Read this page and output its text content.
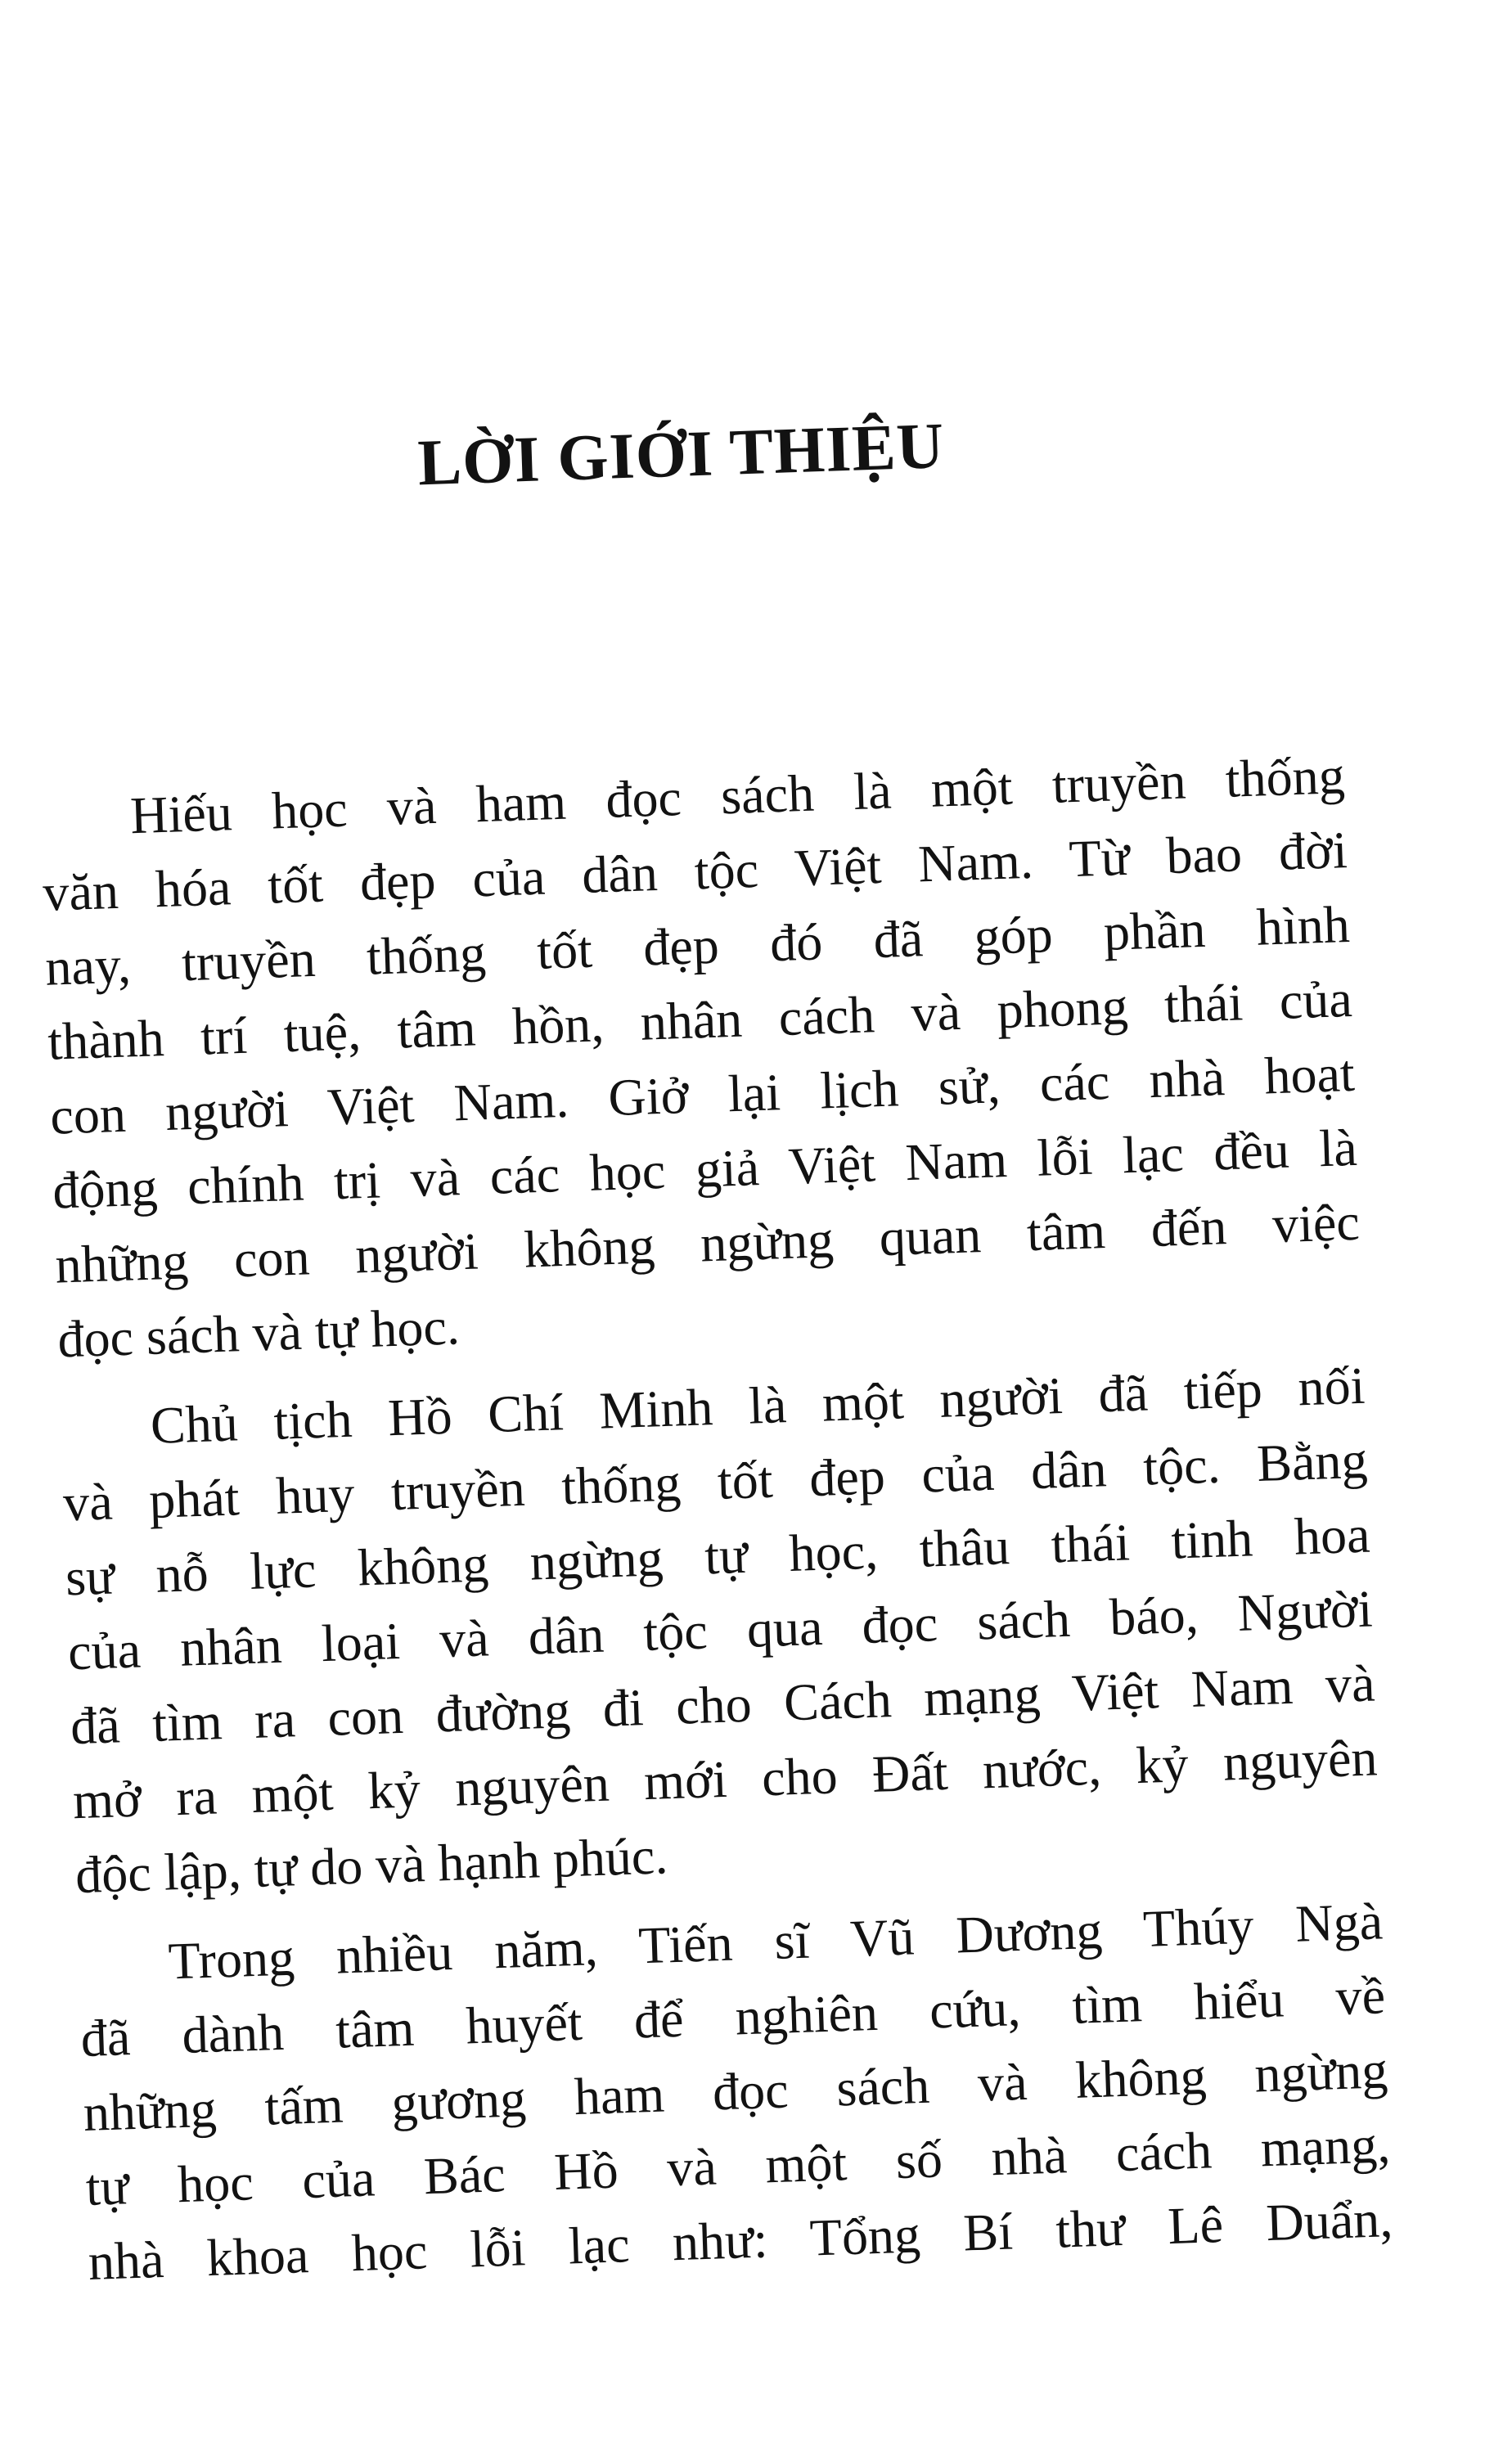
LỜI GIỚI THIỆU
Hiếu học và ham đọc sách là một truyền thống
văn hóa tốt đẹp của dân tộc Việt Nam. Từ bao đời
nay, truyền thống tốt đẹp đó đã góp phần hình
thành trí tuệ, tâm hồn, nhân cách và phong thái của
con người Việt Nam. Giở lại lịch sử, các nhà hoạt
động chính trị và các học giả Việt Nam lỗi lạc đều là
những con người không ngừng quan tâm đến việc
đọc sách và tự học.
Chủ tịch Hồ Chí Minh là một người đã tiếp nối
và phát huy truyền thống tốt đẹp của dân tộc. Bằng
sự nỗ lực không ngừng tự học, thâu thái tinh hoa
của nhân loại và dân tộc qua đọc sách báo, Người
đã tìm ra con đường đi cho Cách mạng Việt Nam và
mở ra một kỷ nguyên mới cho Đất nước, kỷ nguyên
độc lập, tự do và hạnh phúc.
Trong nhiều năm, Tiến sĩ Vũ Dương Thúy Ngà
đã dành tâm huyết để nghiên cứu, tìm hiểu về
những tấm gương ham đọc sách và không ngừng
tự học của Bác Hồ và một số nhà cách mạng,
nhà khoa học lỗi lạc như: Tổng Bí thư Lê Duẩn,
